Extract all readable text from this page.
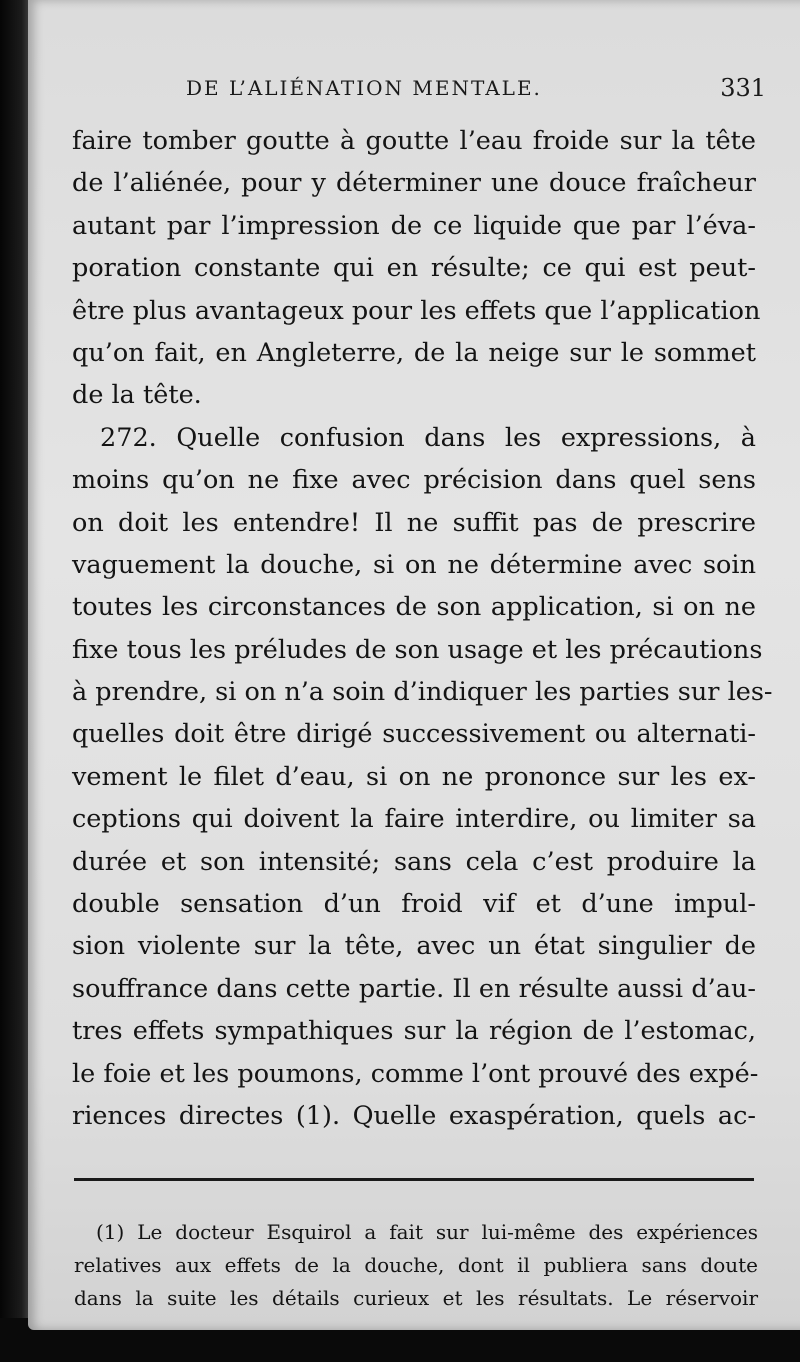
DE L’ALIÉNATION MENTALE.	331
faire tomber goutte à goutte l’eau froide sur la tête
de l’aliénée, pour y déterminer une douce fraîcheur
autant par l’impression de ce liquide que par l’éva-
poration constante qui en résulte; ce qui est peut-
être plus avantageux pour les effets que l’application
qu’on fait, en Angleterre, de la neige sur le sommet
de la tête.
272. Quelle confusion dans les expressions, à
moins qu’on ne fixe avec précision dans quel sens
on doit les entendre! Il ne suffit pas de prescrire
vaguement la douche, si on ne détermine avec soin
toutes les circonstances de son application, si on ne
fixe tous les préludes de son usage et les précautions
à prendre, si on n’a soin d’indiquer les parties sur les-
quelles doit être dirigé successivement ou alternati-
vement le filet d’eau, si on ne prononce sur les ex-
ceptions qui doivent la faire interdire, ou limiter sa
durée et son intensité; sans cela c’est produire la
double sensation d’un froid vif et d’une impul-
sion violente sur la tête, avec un état singulier de
souffrance dans cette partie. Il en résulte aussi d’au-
tres effets sympathiques sur la région de l’estomac,
le foie et les poumons, comme l’ont prouvé des expé-
riences directes (1). Quelle exaspération, quels ac-
(1) Le docteur Esquirol a fait sur lui-même des expériences
relatives aux effets de la douche, dont il publiera sans doute
dans la suite les détails curieux et les résultats. Le réservoir
